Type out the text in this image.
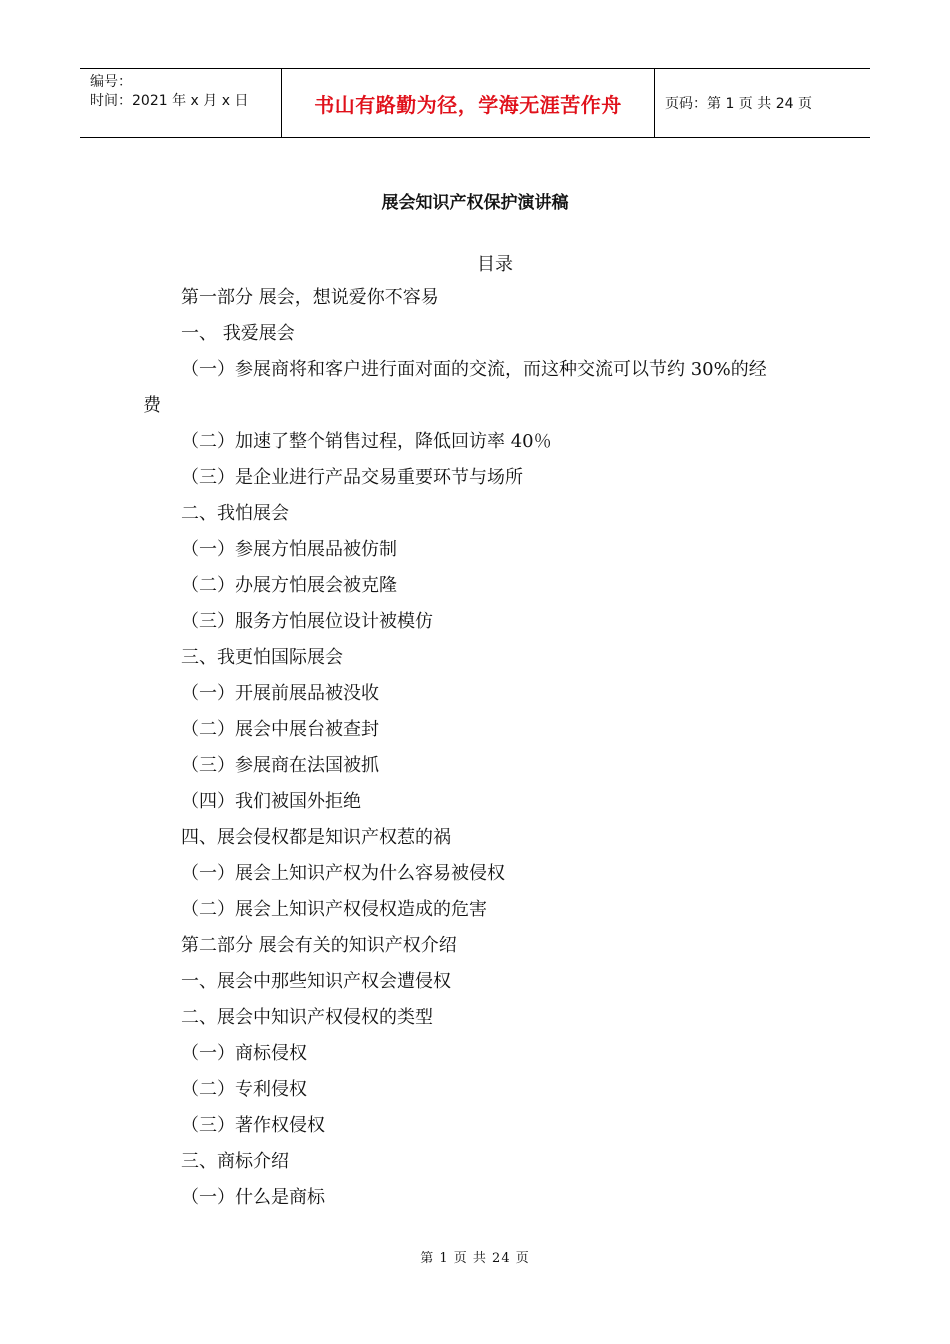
编号：
时间：2021 年 x 月 x 日	书山有路勤为径，学海无涯苦作舟	页码：第 1 页 共 24 页
展会知识产权保护演讲稿
目录
第一部分 展会，想说爱你不容易
一、 我爱展会
（一）参展商将和客户进行面对面的交流，而这种交流可以节约 30%的经
费
（二）加速了整个销售过程，降低回访率 40％
（三）是企业进行产品交易重要环节与场所
二、我怕展会
（一）参展方怕展品被仿制
（二）办展方怕展会被克隆
（三）服务方怕展位设计被模仿
三、我更怕国际展会
（一）开展前展品被没收
（二）展会中展台被查封
（三）参展商在法国被抓
（四）我们被国外拒绝
四、展会侵权都是知识产权惹的祸
（一）展会上知识产权为什么容易被侵权
（二）展会上知识产权侵权造成的危害
第二部分 展会有关的知识产权介绍
一、展会中那些知识产权会遭侵权
二、展会中知识产权侵权的类型
（一）商标侵权
（二）专利侵权
（三）著作权侵权
三、商标介绍
（一）什么是商标
第 1 页 共 24 页
